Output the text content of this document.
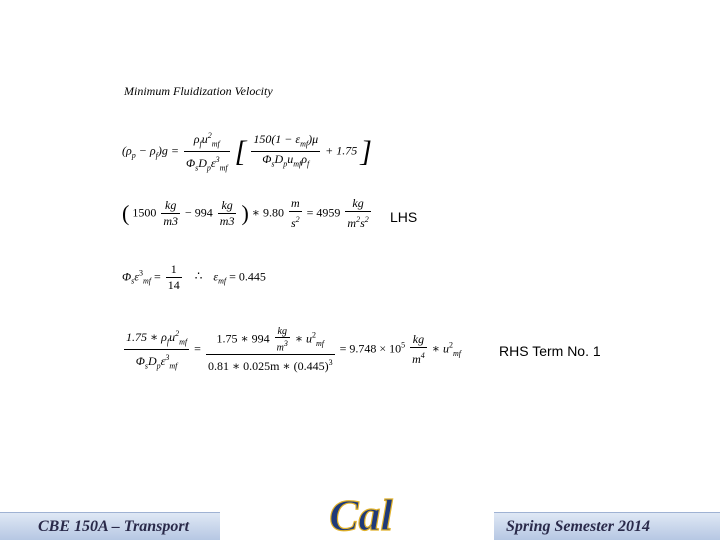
Minimum Fluidization Velocity
$(\rho_p - \rho_f)g = \frac{\rho_fu^2_{mf}}{\Phi_sD_p\varepsilon^3_{mf}}$ [ $\frac{150(1 - \varepsilon_{mf})\mu}{\Phi_sD_pu_{mf}\rho_f} + 1.75$ ]
( $1500 \frac{kg}{m3} - 994 \frac{kg}{m3}$ ) ∗ $9.80 \frac{m}{s^2} = 4959 \frac{kg}{m^2s^2}$ LHS
$\Phi_s\varepsilon^3_{mf} = \frac{1}{14}$ ∴ $\varepsilon_{mf} = 0.445$
$\frac{1.75 ∗ \rho_fu^2_{mf}}{\Phi_sD_p\varepsilon^3_{mf}} = \frac{1.75 ∗ 994 \frac{kg}{m^3} ∗ u^2_{mf}}{0.81 ∗ 0.025m ∗ (0.445)^3} = 9.748 \times 10^5 \frac{kg}{m^4}$ ∗ $u^2_{mf}$	RHS Term No. 1
CBE 150A – Transport	Spring Semester 2014
Cal
